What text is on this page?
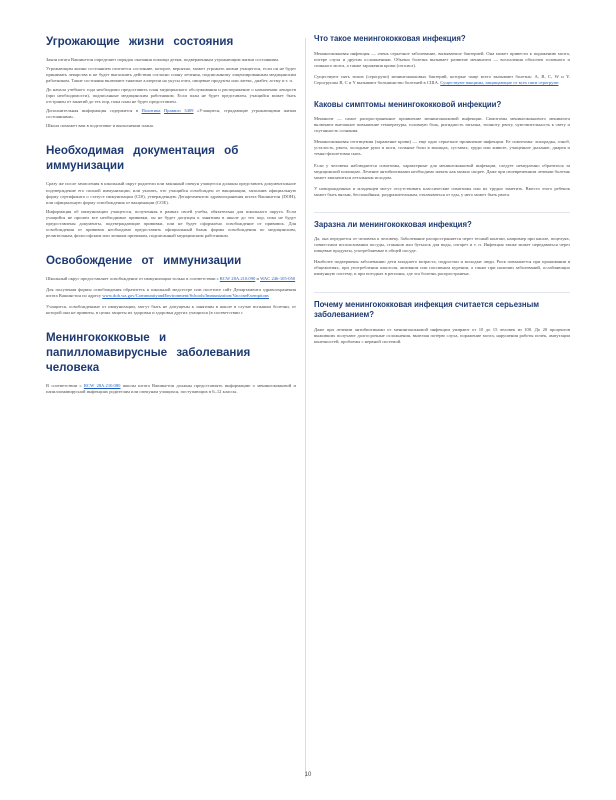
Угрожающие жизни состояния

Закон штата Вашингтон определяет порядок оказания помощи детям, подверженным угрожающим жизни состояниям.

Угрожающим жизни состоянием считается состояние, которое, вероятно, может угрожать жизни учащегося, если он не будет принимать лекарства и не будет выполнять действия согласно плану лечения, подписанному лицензированным медицинским работником. Такие состояния включают тяжелые аллергии на укусы пчел, пищевые продукты или латекс, диабет, астму и т. п.

До начала учебного года необходимо предоставить план медицинского обслуживания и распоряжение о назначении лекарств (при необходимости), подписанные медицинским работником. Если план не будет представлен, учащийся может быть отстранен от занятий до тех пор, пока план не будет предоставлен.

Дополнительная информация содержится в Политика Правило 3409 «Учащиеся, страдающие угрожающими жизни состояниями».

Школа поможет вам в подготовке и выполнении плана.

Необходимая документация об иммунизации

Сразу же после зачисления в школьный округ родители или законный опекун учащегося должны представить документальное подтверждение его полной иммунизации, или указать, что учащийся освобожден от вакцинации, заполнив официальную форму сертификата о статусе иммунизации (CIS), утвержденную Департаментом здравоохранения штата Вашингтон (DOH), или официальную форму освобождения от вакцинации (COE).

Информация об иммунизации учащегося, полученная в рамках своей учебы, обязательна для школьного округа. Если учащийся не прошел все необходимые прививки, он не будет допущен к занятиям в школе до тех пор, пока не будут предоставлены документы, подтверждающие прививки, или не будет оформлено освобождение от прививок. Для освобождения от прививок необходимо предоставить официальный бланк формы освобождения по медицинским, религиозным, философским или личным причинам, подписанный медицинским работником.

Освобождение от иммунизации

Школьный округ предоставляет освобождение от иммунизации только в соответствии с RCW 28A.210.090 и WAC 246-105-050

Для получения формы освобождения обратитесь к школьной медсестре или посетите сайт Департамента здравоохранения штата Вашингтон по адресу www.doh.wa.gov/CommunityandEnvironment/Schools/Immunization/VaccineExemptions

Учащиеся, освобожденные от иммунизации, могут быть не допущены к занятиям в школе в случае вспышки болезни, от которой они не привиты, в целях защиты их здоровья и здоровья других учащихся (в соответствии с

Менингококковые и папилломавирусные заболевания человека

В соответствии с RCW 28A.210.080 школы штата Вашингтон должны предоставлять информацию о менингококковой и папилломавирусной инфекциях родителям или опекунам учащихся, поступающих в 6–12 классы.

Что такое менингококковая инфекция?

Менингококковая инфекция — очень серьезное заболевание, вызываемое бактерией. Она может привести к поражению мозга, потере слуха и другим осложнениям. Обычно болезнь вызывает развитие менингита — воспаления оболочек головного и спинного мозга, а также заражения крови (сепсиса).

Существуют пять типов (серогрупп) менингококковых бактерий, которые чаще всего вызывают болезнь: A, B, C, W и Y. Серогруппы B, C и Y вызывают большинство болезней в США. Существуют вакцины, защищающие от всех пяти серогрупп

Каковы симптомы менингококковой инфекции?

Менингит — самое распространенное проявление менингококковой инфекции. Симптомы менингококкового менингита включают внезапное повышение температуры, головную боль, ригидность затылка, тошноту, рвоту, чувствительность к свету и спутанность сознания.

Менингококковая септицемия (заражение крови) — еще одно серьезное проявление инфекции. Ее симптомы: лихорадка, озноб, усталость, рвота, холодные руки и ноги, сильные боли в мышцах, суставах, груди или животе, учащенное дыхание, диарея и темно-фиолетовая сыпь.

Если у человека наблюдаются симптомы, характерные для менингококковой инфекции, следует немедленно обратиться за медицинской помощью. Лечение антибиотиками необходимо начать как можно скорее. Даже при своевременном лечении болезнь может закончиться летальным исходом.

У новорожденных и младенцев могут отсутствовать классические симптомы или их трудно заметить. Вместо этого ребенок может быть вялым, беспокойным, раздражительным, отказываться от еды, у него может быть рвота.

Заразна ли менингококковая инфекция?

Да, она передается от человека к человеку. Заболевание распространяется через тесный контакт, например при кашле, поцелуях, совместном использовании посуды, стаканов или бутылок для воды, сигарет и т. п. Инфекция также может передаваться через пищевые продукты, употребляемые в общей посуде.

Наиболее подвержены заболеванию дети младшего возраста, подростки и молодые люди. Риск повышается при проживании в общежитиях, при употреблении алкоголя, активном или пассивном курении, а также при наличии заболеваний, ослабляющих иммунную систему, и при поездках в регионы, где эта болезнь распространена.

Почему менингококковая инфекция считается серьезным заболеванием?

Даже при лечении антибиотиками от менингококковой инфекции умирают от 10 до 15 человек из 100. До 20 процентов выживших получают долгосрочные осложнения, включая потерю слуха, поражение мозга, нарушения работы почек, ампутации конечностей, проблемы с нервной системой.

10
